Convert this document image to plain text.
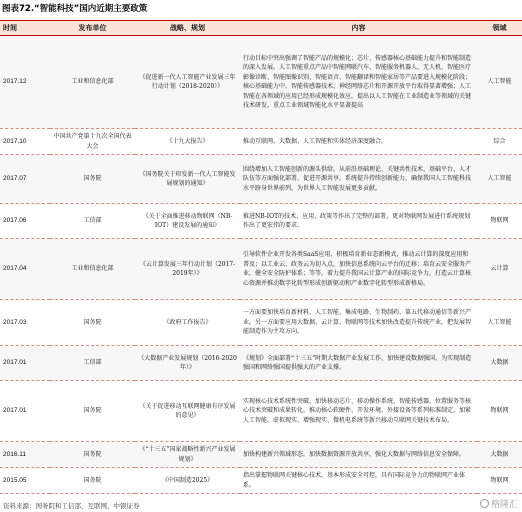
图表72.“智能科技”国内近期主要政策
时间	发布单位	战略、规划	内容	领域
2017.12	工业和信息化部	《促进新一代人工智能产业发展三年行动计划（2018-2020）》	行动目标中突出强调了智能产品的规模化；芯片、传感器核心基础能力提升和智能制造的深入发展。人工智能重点产品中智能网联汽车、智能服务机器人、无人机、智能医疗影像诊断、智能图像识别、智能语音、智能翻译和智能家居等产品要进入规模化阶段；核心基础能力中，智能传感器技术、神经网络芯片和开源开放平台取得显著增强；人工智能在各领域的应用已经形成规模化效应，提出以人工智能在工业制造业等领域的关键技术研发，重点工业领域智能化水平显著提高	人工智能
2017.10	中国共产党第十九次全国代表大会	《十九大报告》	推动互联网、大数据、人工智能和实体经济深度融合。	综合
2017.07	国务院	《国务院关于印发新一代人工智能发展规划的通知》	围绕增加人工智能创新的源头供给，从前沿基础理论、关键共性技术、基础平台、人才队伍等方面强化部署，促进开源共享，系统提升持续创新能力，确保我国人工智能科技水平跻身世界前列，为世界人工智能发展更多贡献。	人工智能
2017.06	工信部	《关于全面推进移动物联网（NB-IOT）建设发展的通知》	推进NB-IOT的技术、应用、政策等作出了完整的部署，更对物联网发展进行系统规划作出了更宏伟的要求。	物联网
2017.04	工业和信息化部	《云计算发展三年行动计划（2017-2019年）》	引导软件企业开发各类SaaS应用，积极培育新业态新模式，推动云计算的深度应用和普及；以工业云、政务云为切入点，加快信息系统向云平台的迁移；培育云安全服务产业，健全安全防护体系；等等。着力提升我国云计算产业的国际竞争力，打造云计算核心资源并推动数字化转型形成创新驱动和产业数字化转型形成新格局。	云计算
2017.03	国务院	《政府工作报告》	一方面要加快培育新材料、人工智能、集成电路、生物制药、第五代移动通信等新兴产业，另一方面要应用大数据、云计算、物联网等技术加快改造提升传统产业，把发展智能制造作为主攻方向。	人工智能
2017.01	工信部	《大数据产业发展规划（2016-2020年）》	《规划》全面部署“十三五”时期大数据产业发展工作，加快建设数据强国，为实现制造强国和网络强国提供强大的产业支撑。	大数据
2017.01	国务院	《关于促进移动互联网健康有序发展的意见》	实现核心技术系统性突破。加快移动芯片、移动操作系统、智能传感器、位置服务等核心技术突破和成果转化，推动核心软硬件、开发环境、外接设备等系列标准制定，加紧人工智能、虚拟现实、增强现实、微机电系统等新兴移动互联网关键技术布局。	物联网
2016.11	国务院	《“十三五”国家战略性新兴产业发展规划》	加快构建新兴领域形态，加快数据资源开放共享，强化大数据与网络信息安全保障。	大数据
2015.05	国务院	《中国制造2025》	指出掌握物联网关键核心技术，基本形成安全可控，具有国际竞争力的物联网产业体系。	物联网
资料来源：国务院和工信部，互联网，中银证券	格隆汇
